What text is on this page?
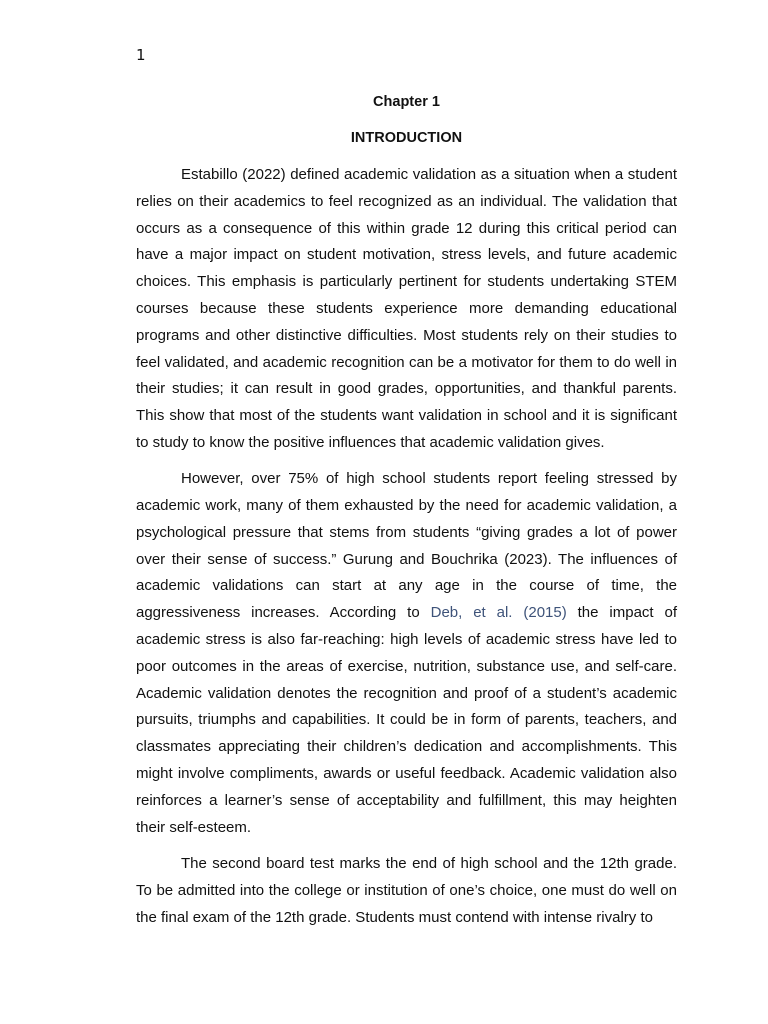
1
Chapter 1
INTRODUCTION

Estabillo (2022) defined academic validation as a situation when a student relies on their academics to feel recognized as an individual. The validation that occurs as a consequence of this within grade 12 during this critical period can have a major impact on student motivation, stress levels, and future academic choices. This emphasis is particularly pertinent for students undertaking STEM courses because these students experience more demanding educational programs and other distinctive difficulties. Most students rely on their studies to feel validated, and academic recognition can be a motivator for them to do well in their studies; it can result in good grades, opportunities, and thankful parents. This show that most of the students want validation in school and it is significant to study to know the positive influences that academic validation gives.

However, over 75% of high school students report feeling stressed by academic work, many of them exhausted by the need for academic validation, a psychological pressure that stems from students “giving grades a lot of power over their sense of success.” Gurung and Bouchrika (2023). The influences of academic validations can start at any age in the course of time, the aggressiveness increases. According to Deb, et al. (2015) the impact of academic stress is also far-reaching: high levels of academic stress have led to poor outcomes in the areas of exercise, nutrition, substance use, and self-care. Academic validation denotes the recognition and proof of a student’s academic pursuits, triumphs and capabilities. It could be in form of parents, teachers, and classmates appreciating their children’s dedication and accomplishments. This might involve compliments, awards or useful feedback. Academic validation also reinforces a learner’s sense of acceptability and fulfillment, this may heighten their self-esteem.

The second board test marks the end of high school and the 12th grade. To be admitted into the college or institution of one’s choice, one must do well on the final exam of the 12th grade. Students must contend with intense rivalry to
